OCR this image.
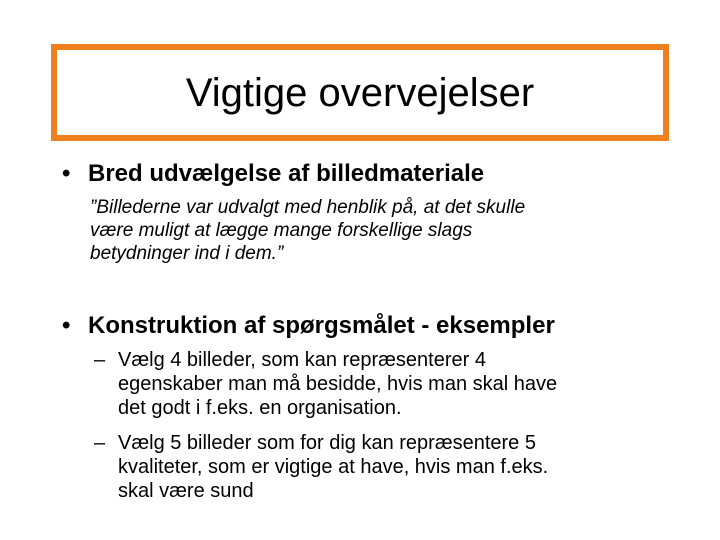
Vigtige overvejelser
• Bred udvælgelse af billedmateriale
”Billederne var udvalgt med henblik på, at det skulle
være muligt at lægge mange forskellige slags
betydninger ind i dem.”
• Konstruktion af spørgsmålet - eksempler
– Vælg 4 billeder, som kan repræsenterer 4
egenskaber man må besidde, hvis man skal have
det godt i f.eks. en organisation.
– Vælg 5 billeder som for dig kan repræsentere 5
kvaliteter, som er vigtige at have, hvis man f.eks.
skal være sund
